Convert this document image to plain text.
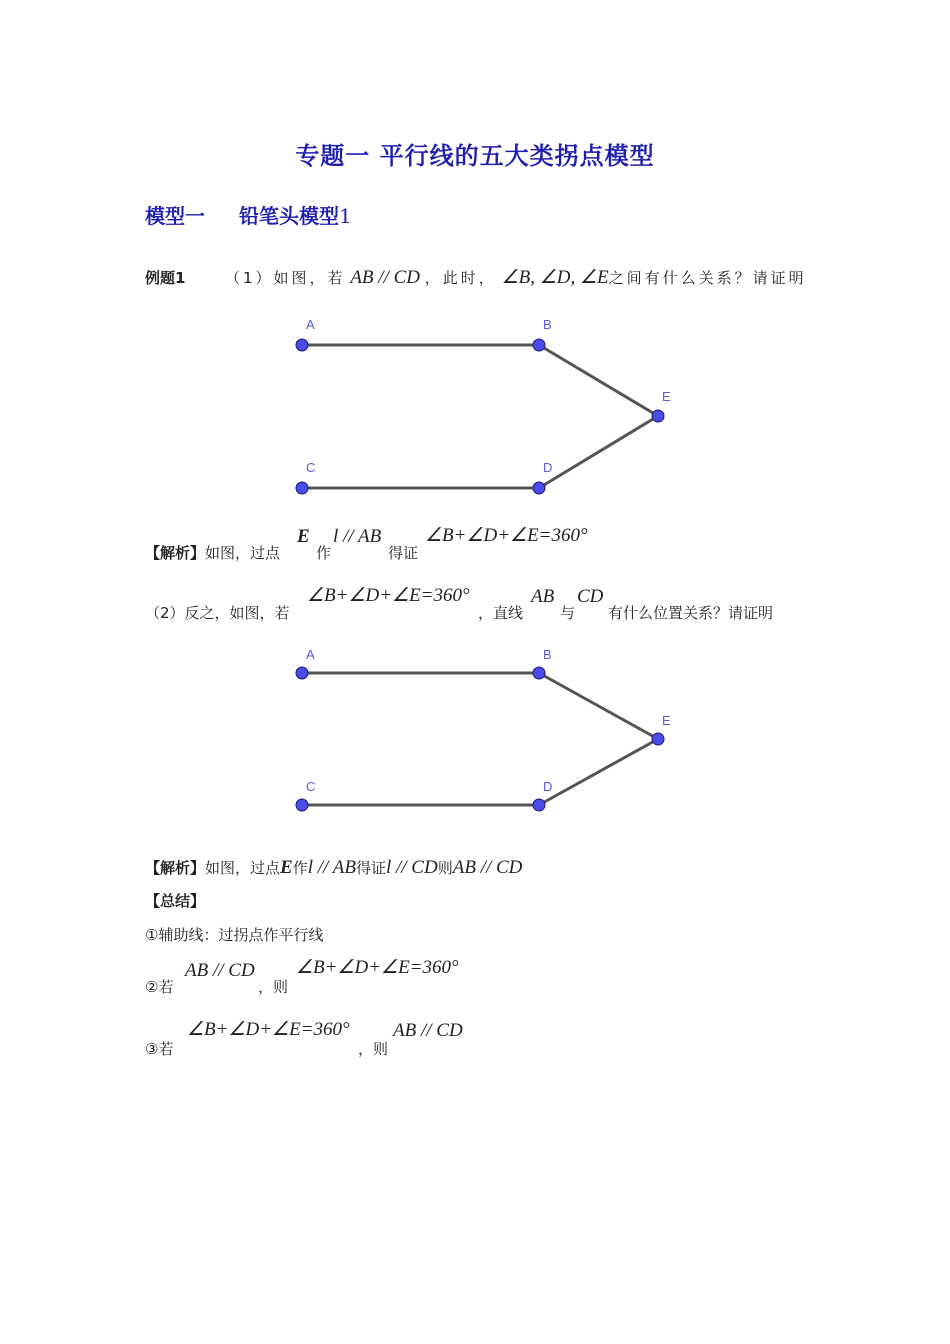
专题一 平行线的五大类拐点模型
模型一 铅笔头模型1
例题1	（1）如图，若 AB // CD ，此时， ∠B, ∠D, ∠E之间有什么关系？请证明
A	B
C	D
E
【解析】如图，过点
E
作
l // AB
得证
∠B+∠D+∠E=360°
（2）反之，如图，若
∠B+∠D+∠E=360°
，直线
AB
与
CD
有什么位置关系？请证明
A	B
C	D
E
【解析】如图，过点E作l // AB得证l // CD则AB // CD
【总结】
①辅助线：过拐点作平行线
②若
AB // CD
，则
∠B+∠D+∠E=360°
③若
∠B+∠D+∠E=360°
，则
AB // CD
